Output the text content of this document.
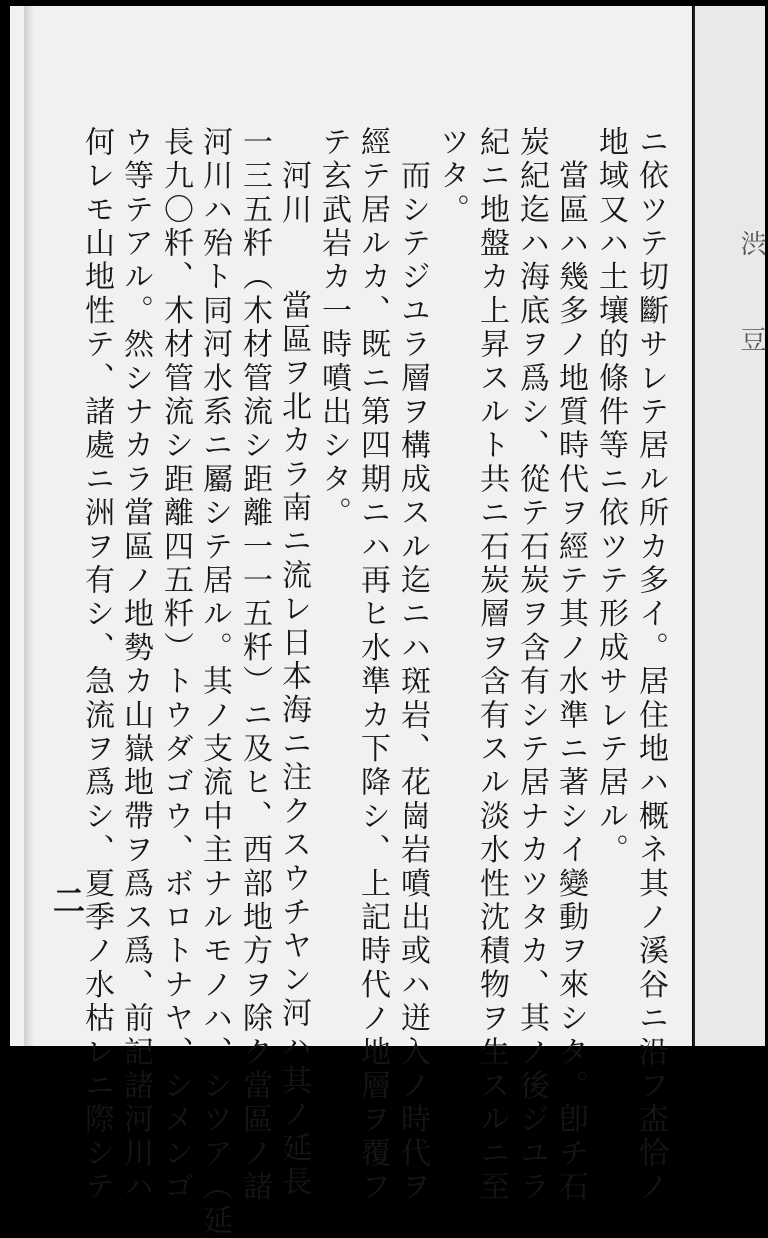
ニ依ツテ切斷サレテ居ル所カ多イ。居住地ハ概ネ其ノ溪谷ニ沿フ㭗恰ノ
地域又ハ土壤的條件等ニ依ツテ形成サレテ居ル。
　當區ハ幾多ノ地質時代ヲ經テ其ノ水準ニ著シイ變動ヲ來シタ。卽チ石
炭紀迄ハ海底ヲ爲シ、從テ石炭ヲ含有シテ居ナカツタカ、其ノ後ジユラ
紀ニ地盤カ上昇スルト共ニ石炭層ヲ含有スル淡水性沈積物ヲ生スルニ至
ツタ。
　而シテジユラ層ヲ構成スル迄ニハ斑岩、花崗岩噴出或ハ迸入ノ時代ヲ
經テ居ルカ、既ニ第四期ニハ再ヒ水準カ下降シ、上記時代ノ地層ヲ覆フ
テ玄武岩カ一時噴出シタ。
　河川
　　當區ヲ北カラ南ニ流レ日本海ニ注クスウチヤン河ハ其ノ延長
一三五粁（木材管流シ距離一一五粁）ニ及ヒ、西部地方ヲ除ク當區ノ諸
河川ハ殆ト同河水系ニ屬シテ居ル。其ノ支流中主ナルモノハ、シツア（延
長九〇粁、木材管流シ距離四五粁）トウダゴウ、ボロトナヤ、シメンゴ
ウ等テアル。然シナカラ當區ノ地勢カ山嶽地帶ヲ爲ス爲、前記諸河川ハ
何レモ山地性テ、諸處ニ洲ヲ有シ、急流ヲ爲シ、夏季ノ水枯レニ際シテ
二
渋
豆
